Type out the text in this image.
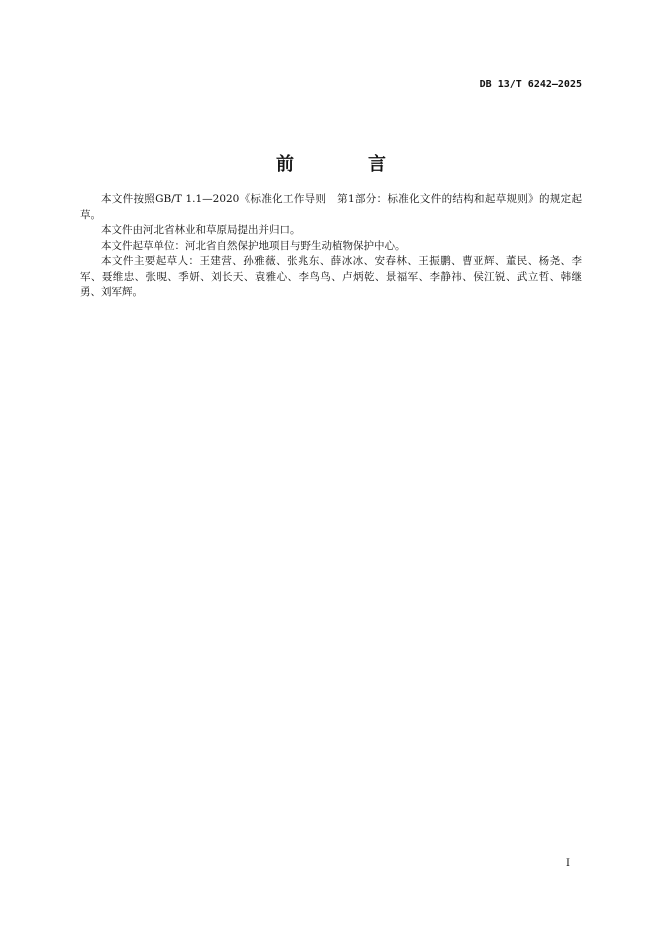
DB 13/T 6242—2025
前　言

本文件按照GB/T 1.1—2020《标准化工作导则　第1部分：标准化文件的结构和起草规则》的规定起草。

本文件由河北省林业和草原局提出并归口。

本文件起草单位：河北省自然保护地项目与野生动植物保护中心。

本文件主要起草人：王建营、孙雅薇、张兆东、薛冰冰、安春林、王振鹏、曹亚辉、董民、杨尧、李军、聂维忠、张晛、季妍、刘长天、袁雅心、李鸟鸟、卢炳乾、景福军、李静祎、侯江锐、武立哲、韩继勇、刘军辉。

I
